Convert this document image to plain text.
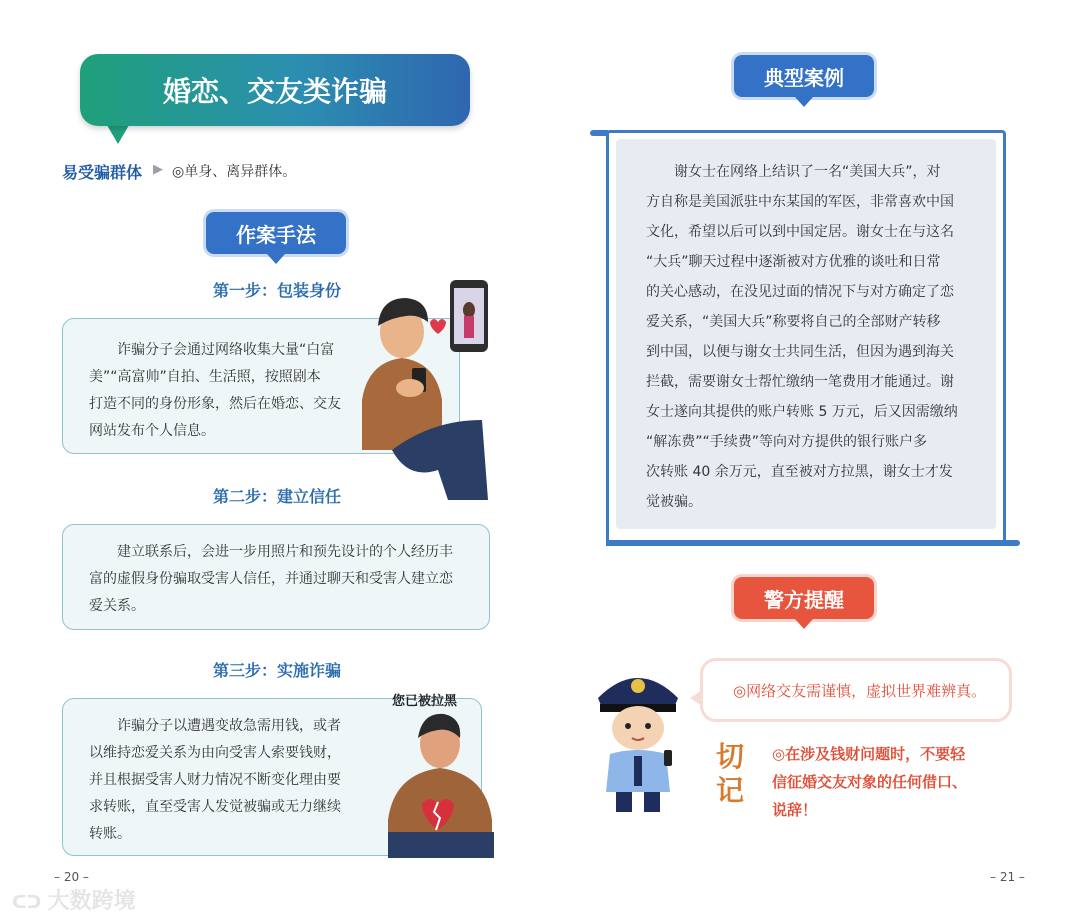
婚恋、交友类诈骗
易受骗群体 ▶ ◎单身、离异群体。
作案手法
第一步：包装身份

诈骗分子会通过网络收集大量“白富

美”“高富帅”自拍、生活照，按照剧本
打造不同的身份形象，然后在婚恋、交友
网站发布个人信息。
第二步：建立信任

建立联系后，会进一步用照片和预先设计的个人经历丰

富的虚假身份骗取受害人信任，并通过聊天和受害人建立恋
爱关系。
第三步：实施诈骗

诈骗分子以遭遇变故急需用钱，或者

以维持恋爱关系为由向受害人索要钱财，
并且根据受害人财力情况不断变化理由要
求转账，直至受害人发觉被骗或无力继续
转账。
您已被拉黑
典型案例

谢女士在网络上结识了一名“美国大兵”，对

方自称是美国派驻中东某国的军医，非常喜欢中国
文化，希望以后可以到中国定居。谢女士在与这名
“大兵”聊天过程中逐渐被对方优雅的谈吐和日常
的关心感动，在没见过面的情况下与对方确定了恋
爱关系，“美国大兵”称要将自己的全部财产转移
到中国，以便与谢女士共同生活，但因为遇到海关
拦截，需要谢女士帮忙缴纳一笔费用才能通过。谢
女士遂向其提供的账户转账 5 万元，后又因需缴纳
“解冻费”“手续费”等向对方提供的银行账户多
次转账 40 余万元，直至被对方拉黑，谢女士才发
觉被骗。
警方提醒
◎网络交友需谨慎，虚拟世界难辨真。
切
记
◎在涉及钱财问题时，不要轻
信征婚交友对象的任何借口、
说辞！
– 20 –	– 21 –
ᑕᑐ 大数跨境
